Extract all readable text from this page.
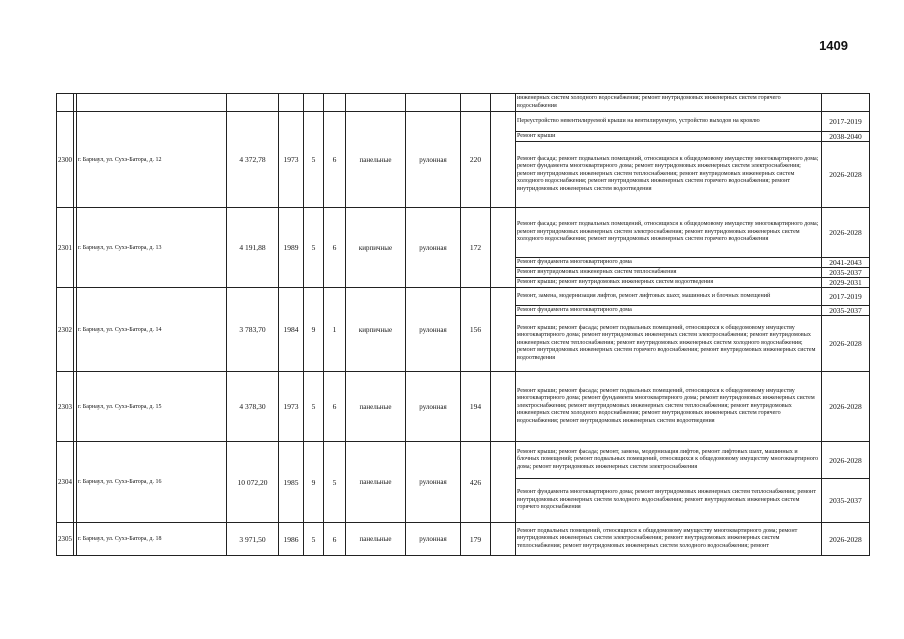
1409
											инженерных систем холодного водоснабжения; ремонт внутридомовых инженерных систем горячего водоснабжения	
2300		г. Барнаул, ул. Сухэ-Батора, д. 12	4 372,78	1973	5	6	панельные	рулонная	220		Переустройство невентилируемой крыши на вентилируемую, устройство выходов на кровлю	2017-2019
											Ремонт крыши	2038-2040
											Ремонт фасада; ремонт подвальных помещений, относящихся к общедомовому имуществу многоквартирного дома; ремонт фундамента многоквартирного дома; ремонт внутридомовых инженерных систем электроснабжения; ремонт внутридомовых инженерных систем теплоснабжения; ремонт внутридомовых инженерных систем холодного водоснабжения; ремонт внутридомовых инженерных систем горячего водоснабжения; ремонт внутридомовых инженерных систем водоотведения	2026-2028
2301		г. Барнаул, ул. Сухэ-Батора, д. 13	4 191,88	1989	5	6	кирпичные	рулонная	172		Ремонт фасада; ремонт подвальных помещений, относящихся к общедомовому имуществу многоквартирного дома; ремонт внутридомовых инженерных систем электроснабжения; ремонт внутридомовых инженерных систем холодного водоснабжения; ремонт внутридомовых инженерных систем горячего водоснабжения	2026-2028
											Ремонт фундамента многоквартирного дома	2041-2043
											Ремонт внутридомовых инженерных систем теплоснабжения	2035-2037
											Ремонт крыши; ремонт внутридомовых инженерных систем водоотведения	2029-2031
2302		г. Барнаул, ул. Сухэ-Батора, д. 14	3 783,70	1984	9	1	кирпичные	рулонная	156		Ремонт, замена, модернизация лифтов, ремонт лифтовых шахт, машинных и блочных помещений	2017-2019
											Ремонт фундамента многоквартирного дома	2035-2037
											Ремонт крыши; ремонт фасада; ремонт подвальных помещений, относящихся к общедомовому имуществу многоквартирного дома; ремонт внутридомовых инженерных систем электроснабжения; ремонт внутридомовых инженерных систем теплоснабжения; ремонт внутридомовых инженерных систем холодного водоснабжения; ремонт внутридомовых инженерных систем горячего водоснабжения; ремонт внутридомовых инженерных систем водоотведения	2026-2028
2303		г. Барнаул, ул. Сухэ-Батора, д. 15	4 378,30	1973	5	6	панельные	рулонная	194		Ремонт крыши; ремонт фасада; ремонт подвальных помещений, относящихся к общедомовому имуществу многоквартирного дома; ремонт фундамента многоквартирного дома; ремонт внутридомовых инженерных систем электроснабжения; ремонт внутридомовых инженерных систем теплоснабжения; ремонт внутридомовых инженерных систем холодного водоснабжения; ремонт внутридомовых инженерных систем горячего водоснабжения; ремонт внутридомовых инженерных систем водоотведения	2026-2028
2304		г. Барнаул, ул. Сухэ-Батора, д. 16	10 072,20	1985	9	5	панельные	рулонная	426		Ремонт крыши; ремонт фасада; ремонт, замена, модернизация лифтов, ремонт лифтовых шахт, машинных и блочных помещений; ремонт подвальных помещений, относящихся к общедомовому имуществу многоквартирного дома; ремонт внутридомовых инженерных систем электроснабжения	2026-2028
											Ремонт фундамента многоквартирного дома; ремонт внутридомовых инженерных систем теплоснабжения; ремонт внутридомовых инженерных систем холодного водоснабжения; ремонт внутридомовых инженерных систем горячего водоснабжения	2035-2037
2305		г. Барнаул, ул. Сухэ-Батора, д. 18	3 971,50	1986	5	6	панельные	рулонная	179		Ремонт подвальных помещений, относящихся к общедомовому имуществу многоквартирного дома; ремонт внутридомовых инженерных систем электроснабжения; ремонт внутридомовых инженерных систем теплоснабжения; ремонт внутридомовых инженерных систем холодного водоснабжения; ремонт	2026-2028
